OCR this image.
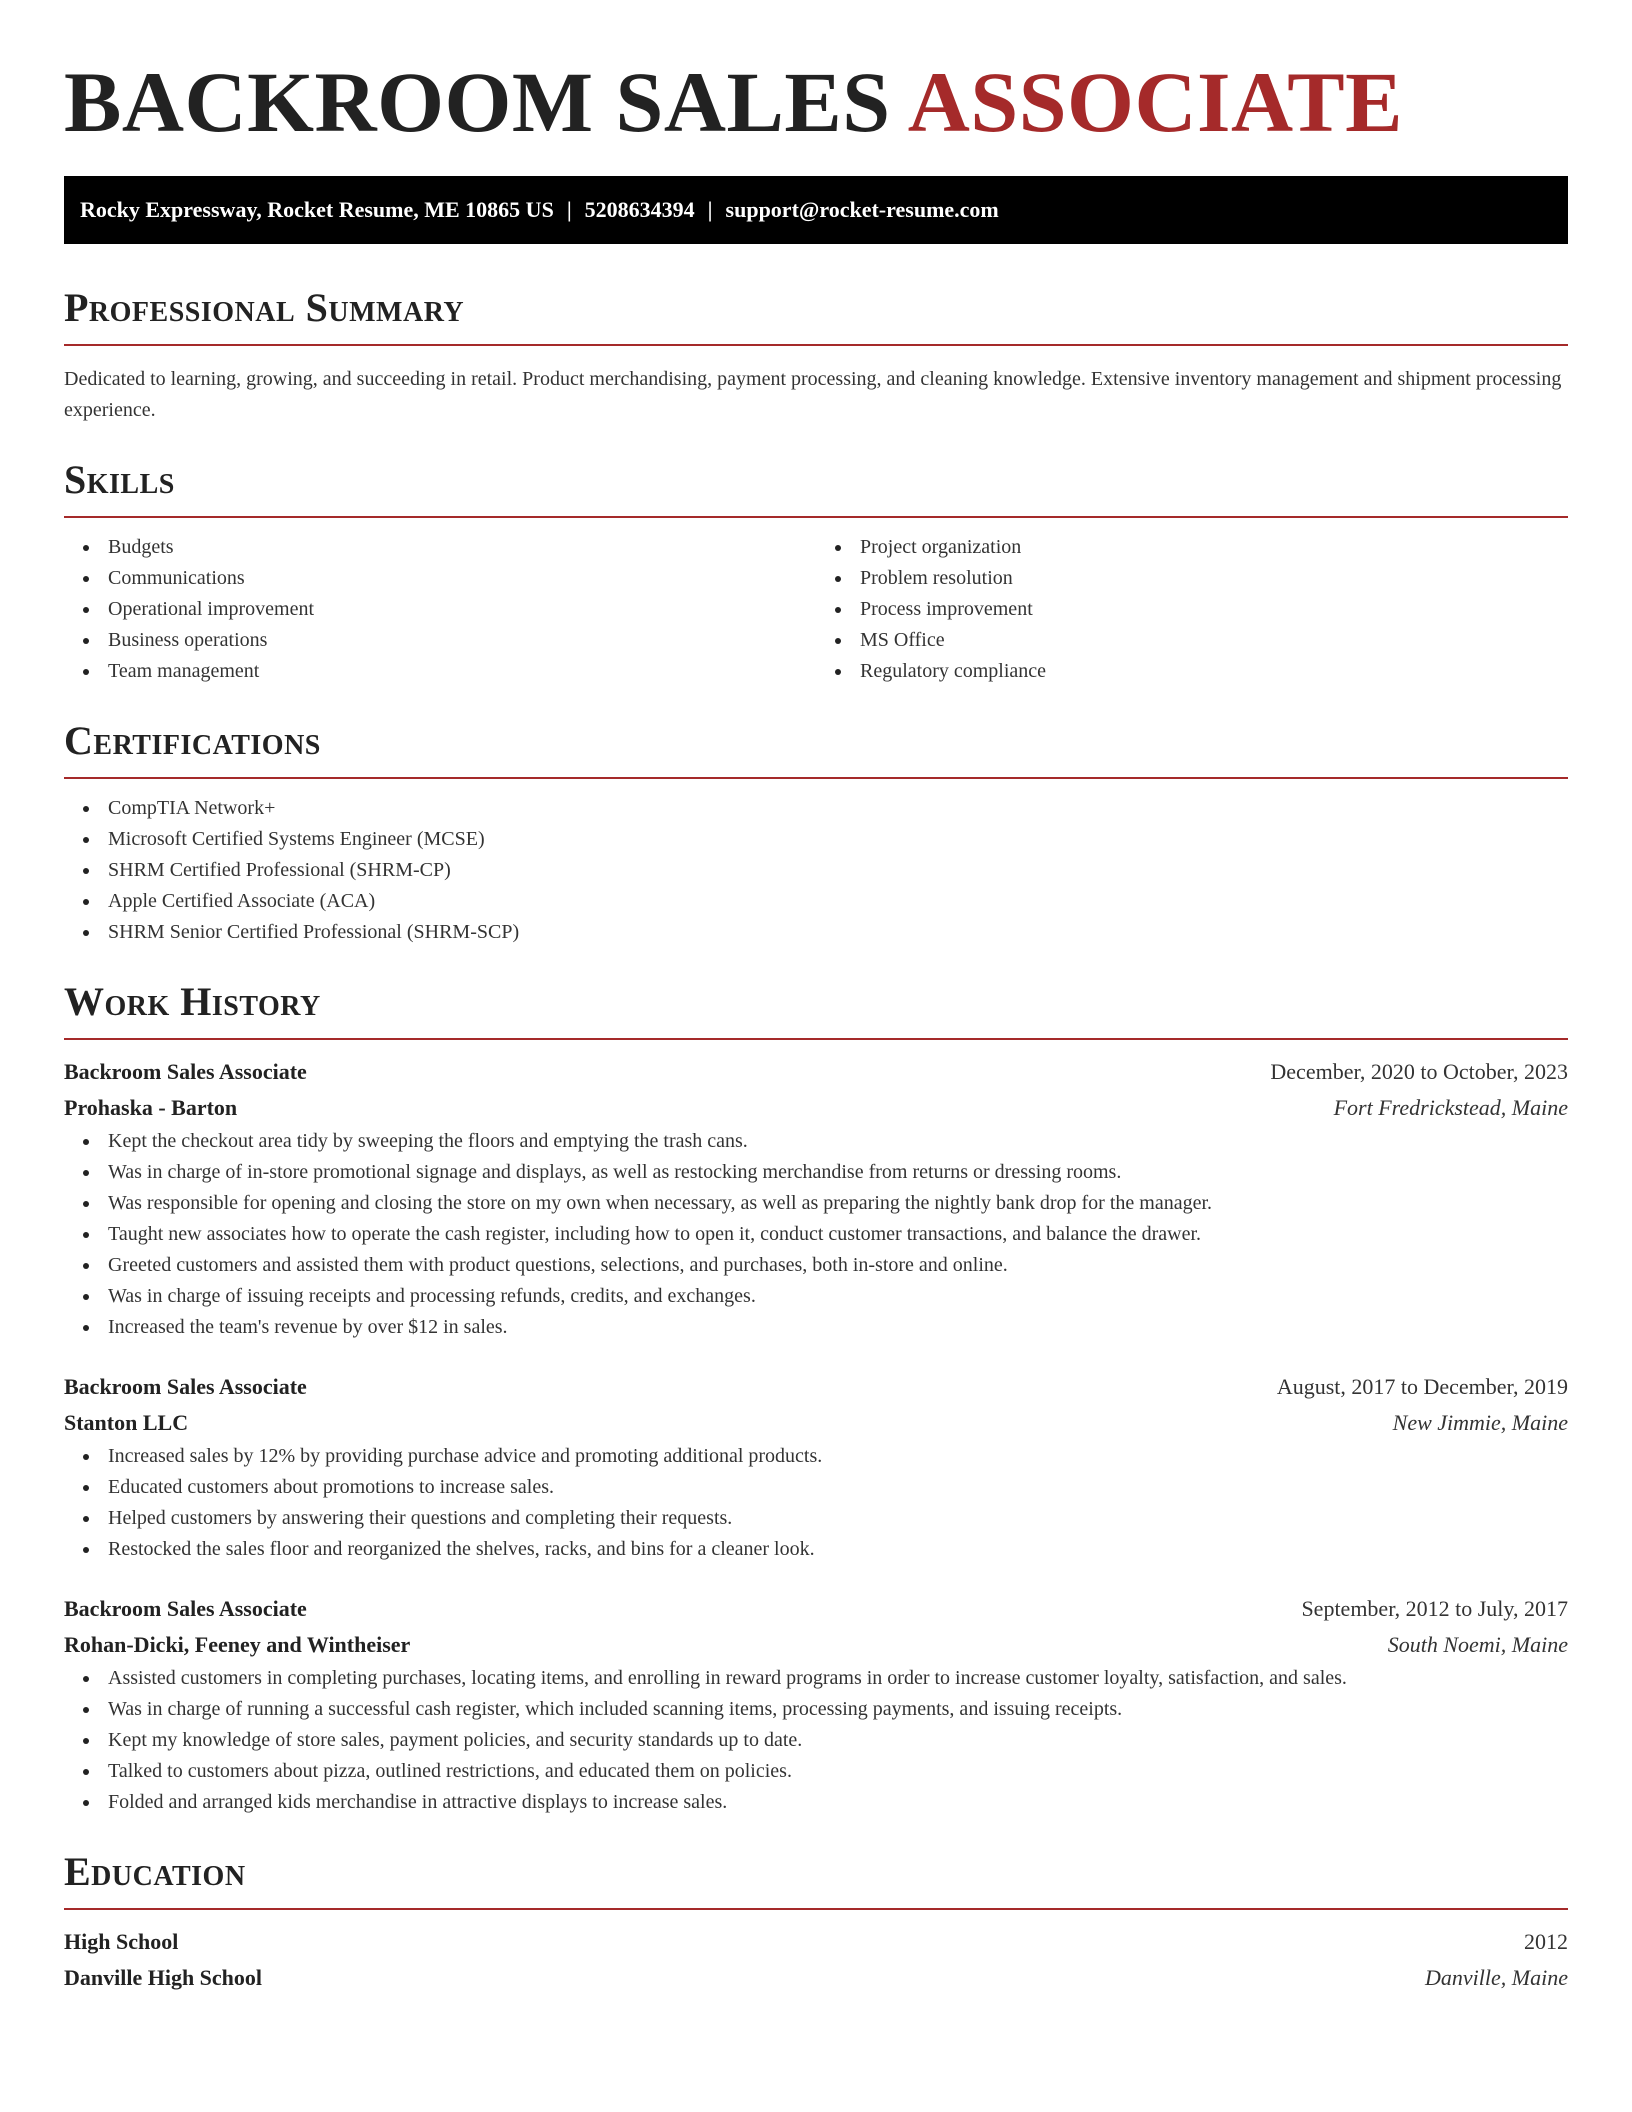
BACKROOM SALES ASSOCIATE
Rocky Expressway, Rocket Resume, ME 10865 US | 5208634394 | support@rocket-resume.com
Professional Summary

Dedicated to learning, growing, and succeeding in retail. Product merchandising, payment processing, and cleaning knowledge. Extensive inventory management and shipment processing experience.

Skills
Budgets
Communications
Operational improvement
Business operations
Team management
Project organization
Problem resolution
Process improvement
MS Office
Regulatory compliance
Certifications
CompTIA Network+
Microsoft Certified Systems Engineer (MCSE)
SHRM Certified Professional (SHRM-CP)
Apple Certified Associate (ACA)
SHRM Senior Certified Professional (SHRM-SCP)
Work History
Backroom Sales Associate	December, 2020 to October, 2023
Prohaska - Barton	Fort Fredrickstead, Maine
Kept the checkout area tidy by sweeping the floors and emptying the trash cans.
Was in charge of in-store promotional signage and displays, as well as restocking merchandise from returns or dressing rooms.
Was responsible for opening and closing the store on my own when necessary, as well as preparing the nightly bank drop for the manager.
Taught new associates how to operate the cash register, including how to open it, conduct customer transactions, and balance the drawer.
Greeted customers and assisted them with product questions, selections, and purchases, both in-store and online.
Was in charge of issuing receipts and processing refunds, credits, and exchanges.
Increased the team's revenue by over $12 in sales.
Backroom Sales Associate	August, 2017 to December, 2019
Stanton LLC	New Jimmie, Maine
Increased sales by 12% by providing purchase advice and promoting additional products.
Educated customers about promotions to increase sales.
Helped customers by answering their questions and completing their requests.
Restocked the sales floor and reorganized the shelves, racks, and bins for a cleaner look.
Backroom Sales Associate	September, 2012 to July, 2017
Rohan-Dicki, Feeney and Wintheiser	South Noemi, Maine
Assisted customers in completing purchases, locating items, and enrolling in reward programs in order to increase customer loyalty, satisfaction, and sales.
Was in charge of running a successful cash register, which included scanning items, processing payments, and issuing receipts.
Kept my knowledge of store sales, payment policies, and security standards up to date.
Talked to customers about pizza, outlined restrictions, and educated them on policies.
Folded and arranged kids merchandise in attractive displays to increase sales.
Education
High School	2012
Danville High School	Danville, Maine
